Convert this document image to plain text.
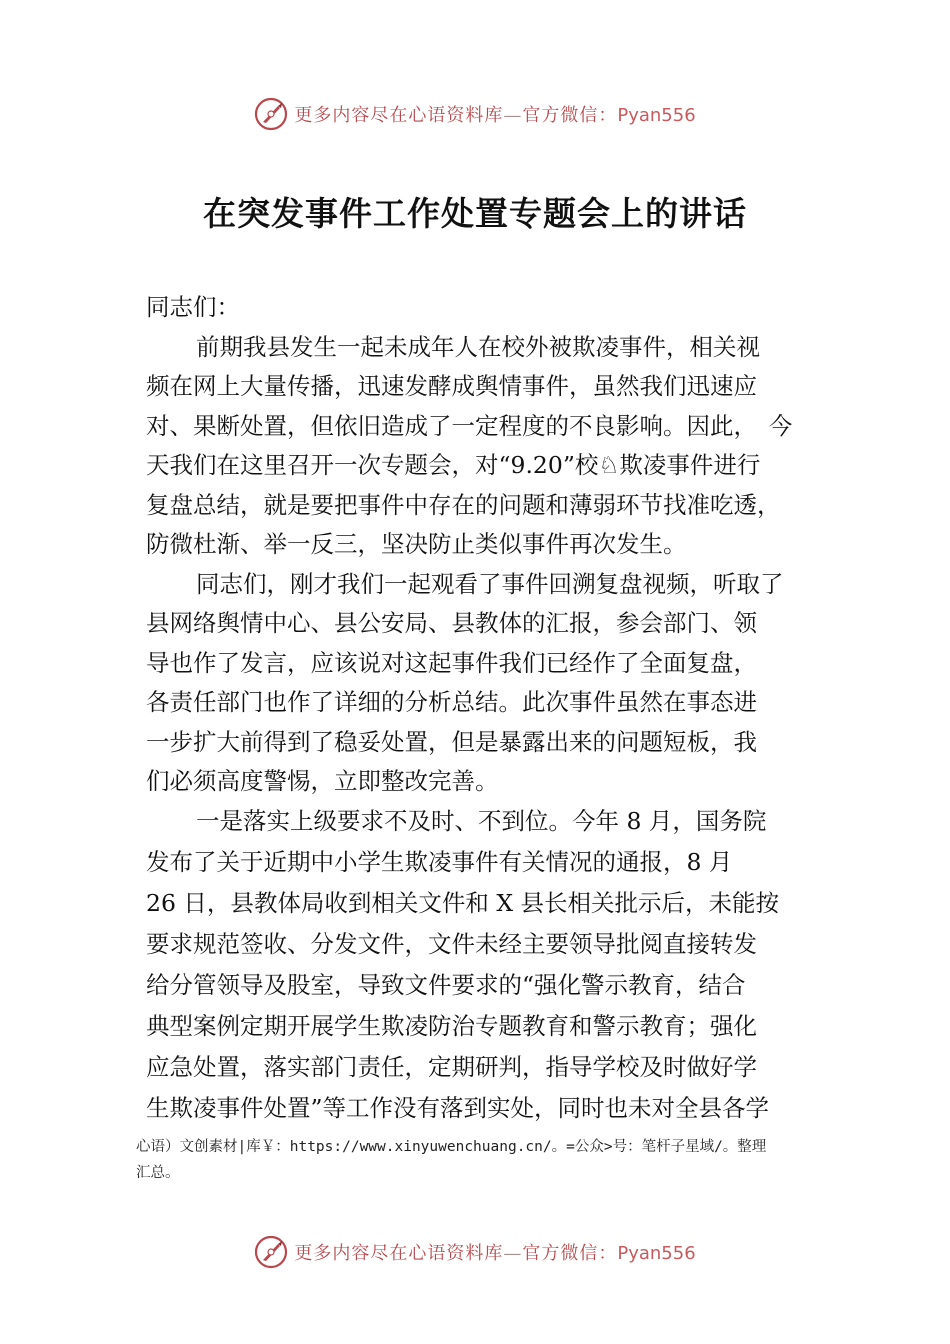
更多内容尽在心语资料库—官方微信：Pyan556
在突发事件工作处置专题会上的讲话
同志们：
前期我县发生一起未成年人在校外被欺凌事件，相关视
频在网上大量传播，迅速发酵成舆情事件，虽然我们迅速应
对、果断处置，但依旧造成了一定程度的不良影响。因此，　今
天我们在这里召开一次专题会，对“9.20”校♘欺凌事件进行
复盘总结，就是要把事件中存在的问题和薄弱环节找准吃透，
防微杜渐、举一反三，坚决防止类似事件再次发生。
同志们，刚才我们一起观看了事件回溯复盘视频，听取了
县网络舆情中心、县公安局、县教体的汇报，参会部门、领
导也作了发言，应该说对这起事件我们已经作了全面复盘，
各责任部门也作了详细的分析总结。此次事件虽然在事态进
一步扩大前得到了稳妥处置，但是暴露出来的问题短板，我
们必须高度警惕，立即整改完善。
一是落实上级要求不及时、不到位。今年 8 月，国务院
发布了关于近期中小学生欺凌事件有关情况的通报，8 月
26 日，县教体局收到相关文件和 X 县长相关批示后，未能按
要求规范签收、分发文件，文件未经主要领导批阅直接转发
给分管领导及股室，导致文件要求的“强化警示教育，结合
典型案例定期开展学生欺凌防治专题教育和警示教育；强化
应急处置，落实部门责任，定期研判，指导学校及时做好学
生欺凌事件处置”等工作没有落到实处，同时也未对全县各学
心语）文创素材|库￥：https://www.xinyuwenchuang.cn/。=公众>号：笔杆子星域/。整理
汇总。
更多内容尽在心语资料库—官方微信：Pyan556
